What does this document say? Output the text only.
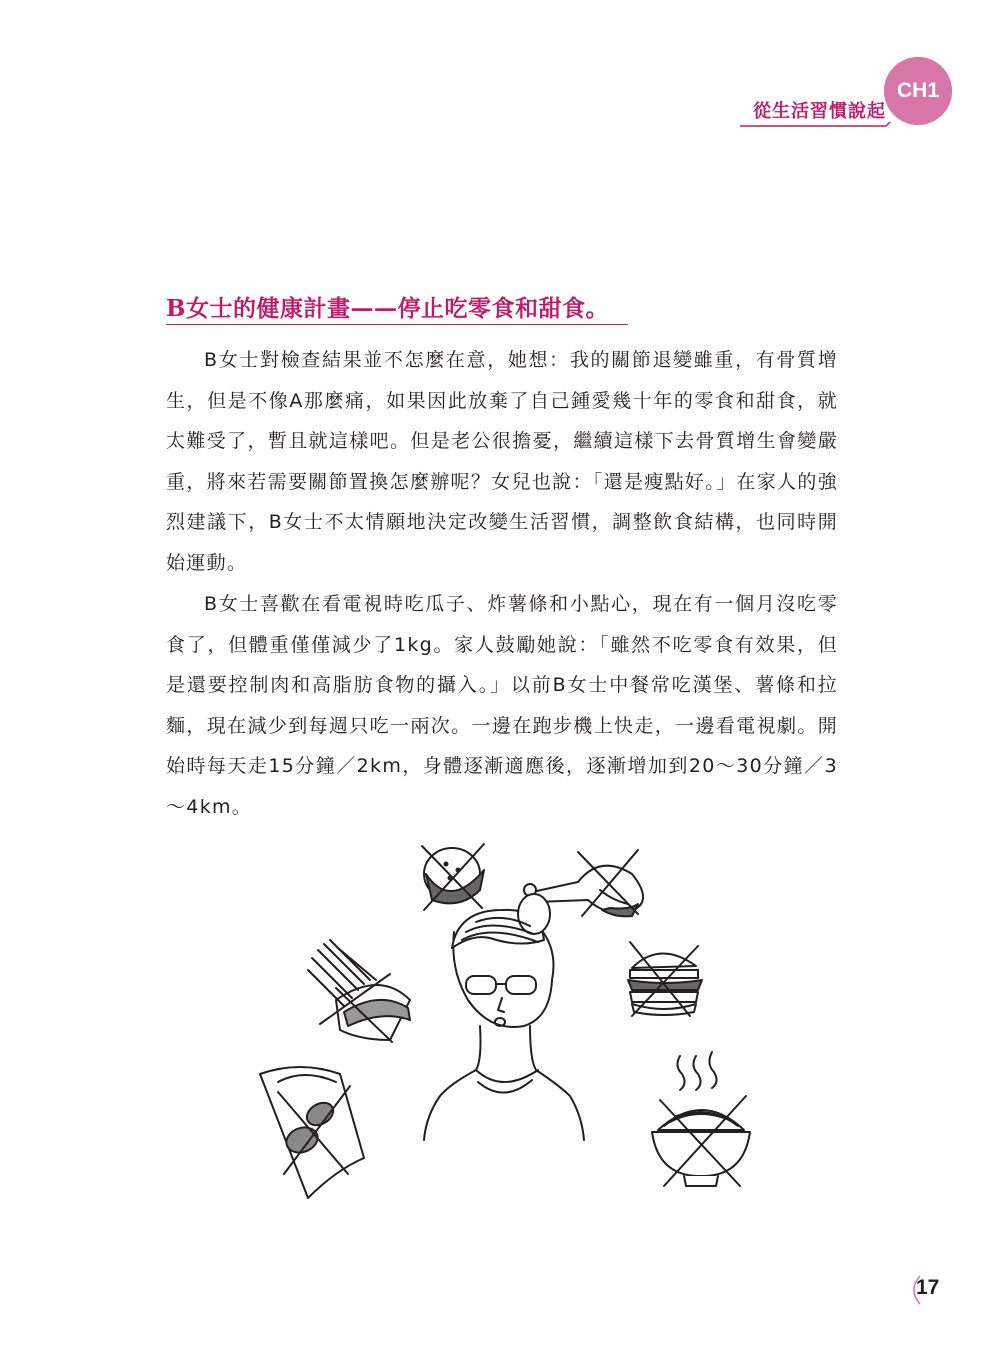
CH1
從生活習慣說起
B女士的健康計畫——停止吃零食和甜食。

B女士對檢查結果並不怎麼在意，她想：我的關節退變雖重，有骨質增生，但是不像A那麼痛，如果因此放棄了自己鍾愛幾十年的零食和甜食，就太難受了，暫且就這樣吧。但是老公很擔憂，繼續這樣下去骨質增生會變嚴重，將來若需要關節置換怎麼辦呢？女兒也說：「還是瘦點好。」在家人的強烈建議下，B女士不太情願地決定改變生活習慣，調整飲食結構，也同時開始運動。

B女士喜歡在看電視時吃瓜子、炸薯條和小點心，現在有一個月沒吃零食了，但體重僅僅減少了1kg。家人鼓勵她說：「雖然不吃零食有效果，但是還要控制肉和高脂肪食物的攝入。」以前B女士中餐常吃漢堡、薯條和拉麵，現在減少到每週只吃一兩次。一邊在跑步機上快走，一邊看電視劇。開始時每天走15分鐘／2km，身體逐漸適應後，逐漸增加到20～30分鐘／3～4km。

17
